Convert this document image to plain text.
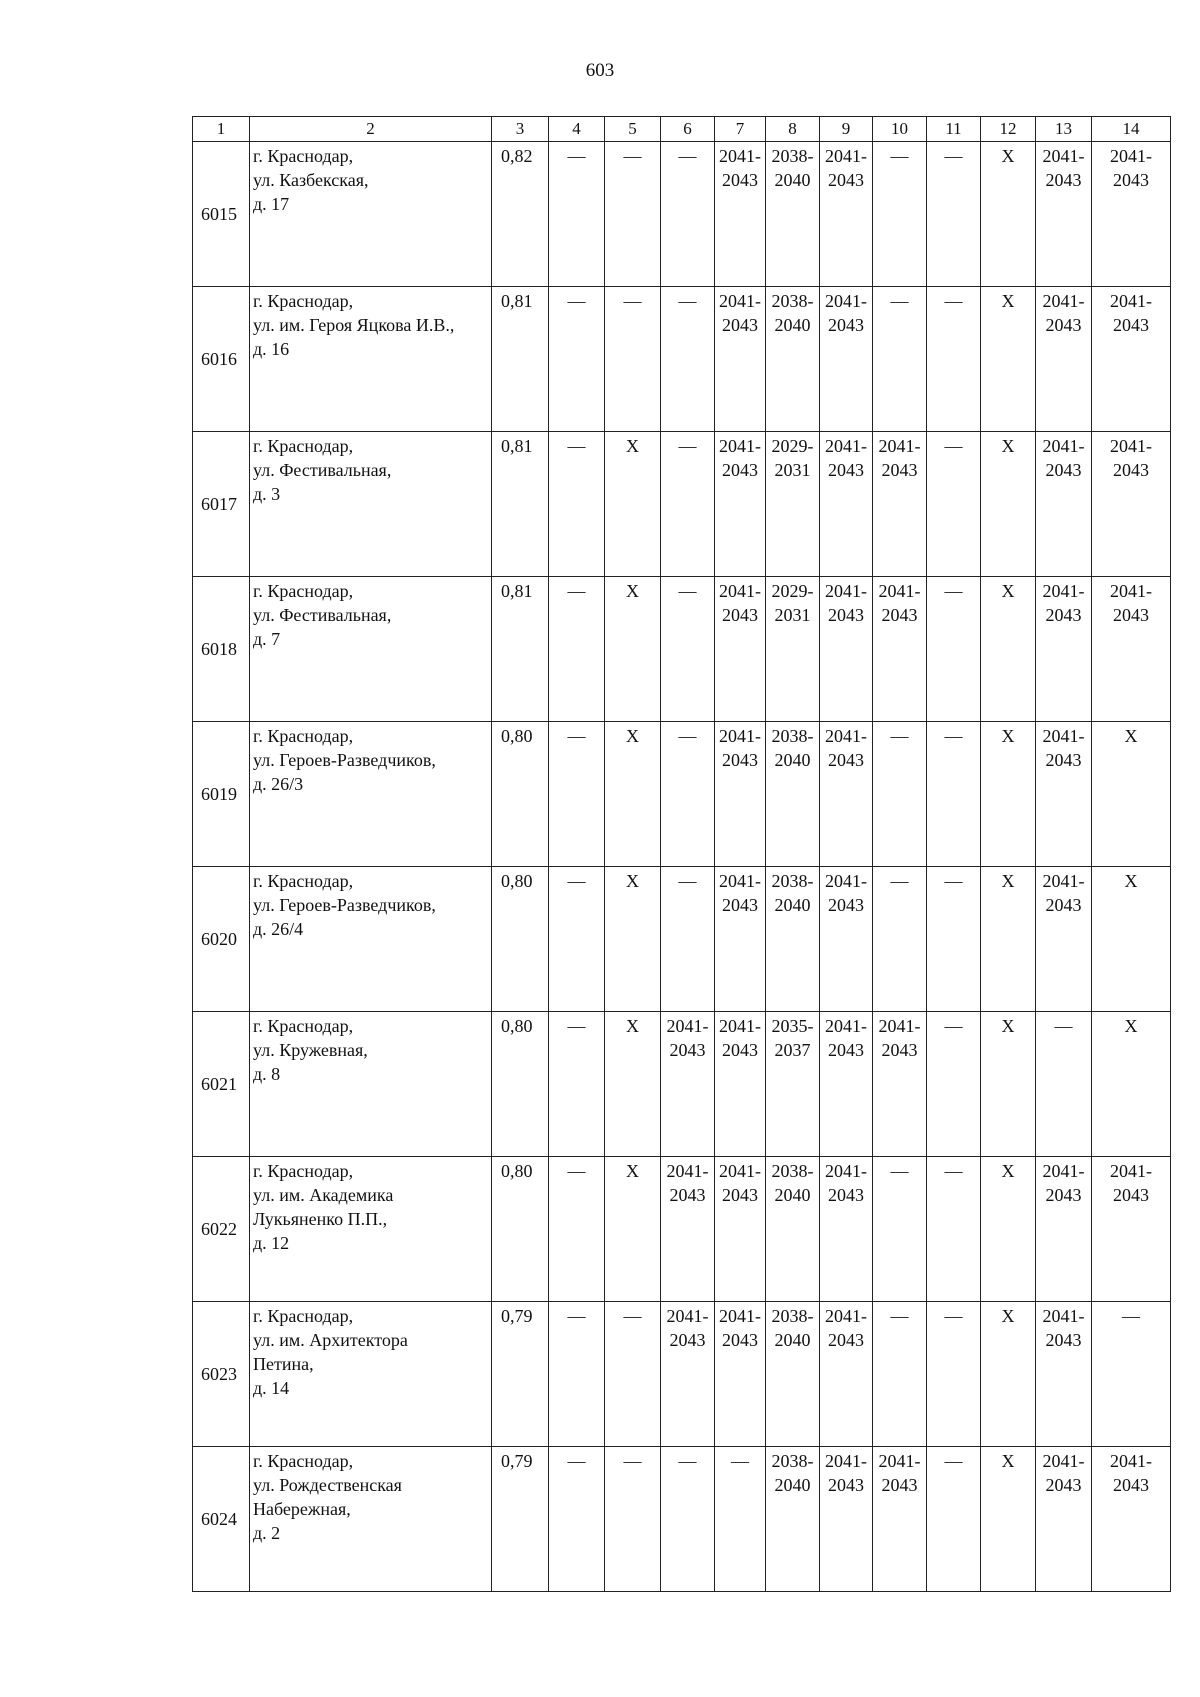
603
1	2	3	4	5	6	7	8	9	10	11	12	13	14
6015	г. Краснодар,
ул. Казбекская,
д. 17	0,82	—	—	—	2041-
2043	2038-
2040	2041-
2043	—	—	Х	2041-
2043	2041-
2043
6016	г. Краснодар,
ул. им. Героя Яцкова И.В.,
д. 16	0,81	—	—	—	2041-
2043	2038-
2040	2041-
2043	—	—	Х	2041-
2043	2041-
2043
6017	г. Краснодар,
ул. Фестивальная,
д. 3	0,81	—	Х	—	2041-
2043	2029-
2031	2041-
2043	2041-
2043	—	Х	2041-
2043	2041-
2043
6018	г. Краснодар,
ул. Фестивальная,
д. 7	0,81	—	Х	—	2041-
2043	2029-
2031	2041-
2043	2041-
2043	—	Х	2041-
2043	2041-
2043
6019	г. Краснодар,
ул. Героев-Разведчиков,
д. 26/3	0,80	—	Х	—	2041-
2043	2038-
2040	2041-
2043	—	—	Х	2041-
2043	Х
6020	г. Краснодар,
ул. Героев-Разведчиков,
д. 26/4	0,80	—	Х	—	2041-
2043	2038-
2040	2041-
2043	—	—	Х	2041-
2043	Х
6021	г. Краснодар,
ул. Кружевная,
д. 8	0,80	—	Х	2041-
2043	2041-
2043	2035-
2037	2041-
2043	2041-
2043	—	Х	—	Х
6022	г. Краснодар,
ул. им. Академика
Лукьяненко П.П.,
д. 12	0,80	—	Х	2041-
2043	2041-
2043	2038-
2040	2041-
2043	—	—	Х	2041-
2043	2041-
2043
6023	г. Краснодар,
ул. им. Архитектора
Петина,
д. 14	0,79	—	—	2041-
2043	2041-
2043	2038-
2040	2041-
2043	—	—	Х	2041-
2043	—
6024	г. Краснодар,
ул. Рождественская
Набережная,
д. 2	0,79	—	—	—	—	2038-
2040	2041-
2043	2041-
2043	—	Х	2041-
2043	2041-
2043
